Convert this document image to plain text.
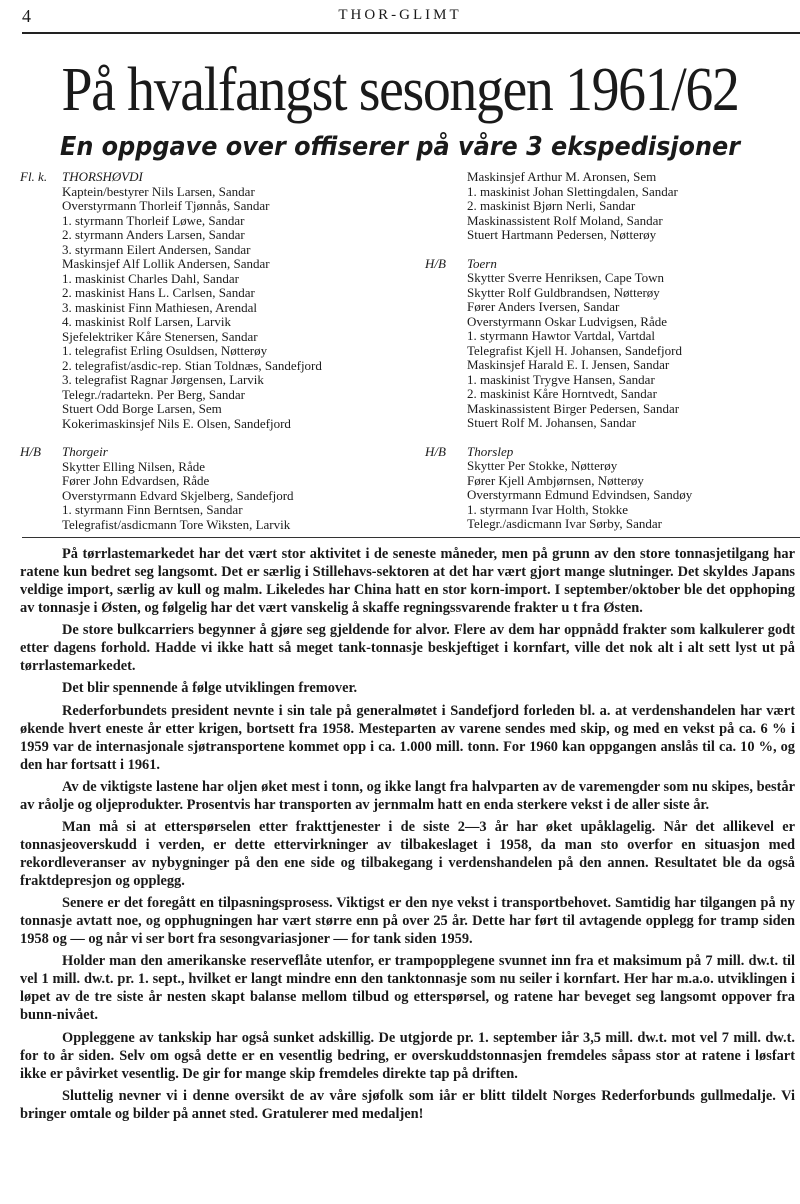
4	THOR-GLIMT
På hvalfangst sesongen 1961/62
En oppgave over offiserer på våre 3 ekspedisjoner
Fl. k. THORSHØVDI
Kaptein/bestyrer Nils Larsen, Sandar
Overstyrmann Thorleif Tjønnås, Sandar
1. styrmann Thorleif Løwe, Sandar
2. styrmann Anders Larsen, Sandar
3. styrmann Eilert Andersen, Sandar
Maskinsjef Alf Lollik Andersen, Sandar
1. maskinist Charles Dahl, Sandar
2. maskinist Hans L. Carlsen, Sandar
3. maskinist Finn Mathiesen, Arendal
4. maskinist Rolf Larsen, Larvik
Sjefelektriker Kåre Stenersen, Sandar
1. telegrafist Erling Osuldsen, Nøtterøy
2. telegrafist/asdic-rep. Stian Toldnæs, Sandefjord
3. telegrafist Ragnar Jørgensen, Larvik
Telegr./radartekn. Per Berg, Sandar
Stuert Odd Borge Larsen, Sem
Kokerimaskinsjef Nils E. Olsen, Sandefjord
H/B Thorgeir
Skytter Elling Nilsen, Råde
Fører John Edvardsen, Råde
Overstyrmann Edvard Skjelberg, Sandefjord
1. styrmann Finn Berntsen, Sandar
Telegrafist/asdicmann Tore Wiksten, Larvik
Maskinsjef Arthur M. Aronsen, Sem
1. maskinist Johan Slettingdalen, Sandar
2. maskinist Bjørn Nerli, Sandar
Maskinassistent Rolf Moland, Sandar
Stuert Hartmann Pedersen, Nøtterøy
H/B Toern
Skytter Sverre Henriksen, Cape Town
Skytter Rolf Guldbrandsen, Nøtterøy
Fører Anders Iversen, Sandar
Overstyrmann Oskar Ludvigsen, Råde
1. styrmann Hawtor Vartdal, Vartdal
Telegrafist Kjell H. Johansen, Sandefjord
Maskinsjef Harald E. I. Jensen, Sandar
1. maskinist Trygve Hansen, Sandar
2. maskinist Kåre Horntvedt, Sandar
Maskinassistent Birger Pedersen, Sandar
Stuert Rolf M. Johansen, Sandar
H/B Thorslep
Skytter Per Stokke, Nøtterøy
Fører Kjell Ambjørnsen, Nøtterøy
Overstyrmann Edmund Edvindsen, Sandøy
1. styrmann Ivar Holth, Stokke
Telegr./asdicmann Ivar Sørby, Sandar

På tørrlastemarkedet har det vært stor aktivitet i de seneste måneder, men på grunn av den store tonnasjetilgang har ratene kun bedret seg langsomt. Det er særlig i Stillehavs-sektoren at det har vært gjort mange slutninger. Det skyldes Japans veldige import, særlig av kull og malm. Likeledes har China hatt en stor korn-import. I september/oktober ble det opphoping av tonnasje i Østen, og følgelig har det vært vanskelig å skaffe regningssvarende frakter u t fra Østen.

De store bulkcarriers begynner å gjøre seg gjeldende for alvor. Flere av dem har oppnådd frakter som kalkulerer godt etter dagens forhold. Hadde vi ikke hatt så meget tank-tonnasje beskjeftiget i kornfart, ville det nok alt i alt sett lyst ut på tørrlastemarkedet.

Det blir spennende å følge utviklingen fremover.

Rederforbundets president nevnte i sin tale på generalmøtet i Sandefjord forleden bl. a. at verdenshandelen har vært økende hvert eneste år etter krigen, bortsett fra 1958. Mesteparten av varene sendes med skip, og med en vekst på ca. 6 % i 1959 var de internasjonale sjøtransportene kommet opp i ca. 1.000 mill. tonn. For 1960 kan oppgangen anslås til ca. 10 %, og den har fortsatt i 1961.

Av de viktigste lastene har oljen øket mest i tonn, og ikke langt fra halvparten av de varemengder som nu skipes, består av råolje og oljeprodukter. Prosentvis har transporten av jernmalm hatt en enda sterkere vekst i de aller siste år.

Man må si at etterspørselen etter frakttjenester i de siste 2—3 år har øket upåklagelig. Når det allikevel er tonnasjeoverskudd i verden, er dette ettervirkninger av tilbakeslaget i 1958, da man sto overfor en situasjon med rekordleveranser av nybygninger på den ene side og tilbakegang i verdenshandelen på den annen. Resultatet ble da også fraktdepresjon og opplegg.

Senere er det foregått en tilpasningsprosess. Viktigst er den nye vekst i transportbehovet. Samtidig har tilgangen på ny tonnasje avtatt noe, og opphugningen har vært større enn på over 25 år. Dette har ført til avtagende opplegg for tramp siden 1958 og — og når vi ser bort fra sesongvariasjoner — for tank siden 1959.

Holder man den amerikanske reserveflåte utenfor, er trampopplegene svunnet inn fra et maksimum på 7 mill. dw.t. til vel 1 mill. dw.t. pr. 1. sept., hvilket er langt mindre enn den tanktonnasje som nu seiler i kornfart. Her har m.a.o. utviklingen i løpet av de tre siste år nesten skapt balanse mellom tilbud og etterspørsel, og ratene har beveget seg langsomt oppover fra bunn-nivået.

Oppleggene av tankskip har også sunket adskillig. De utgjorde pr. 1. september iår 3,5 mill. dw.t. mot vel 7 mill. dw.t. for to år siden. Selv om også dette er en vesentlig bedring, er overskuddstonnasjen fremdeles såpass stor at ratene i løsfart ikke er påvirket vesentlig. De gir for mange skip fremdeles direkte tap på driften.

Sluttelig nevner vi i denne oversikt de av våre sjøfolk som iår er blitt tildelt Norges Rederforbunds gullmedalje. Vi bringer omtale og bilder på annet sted. Gratulerer med medaljen!
